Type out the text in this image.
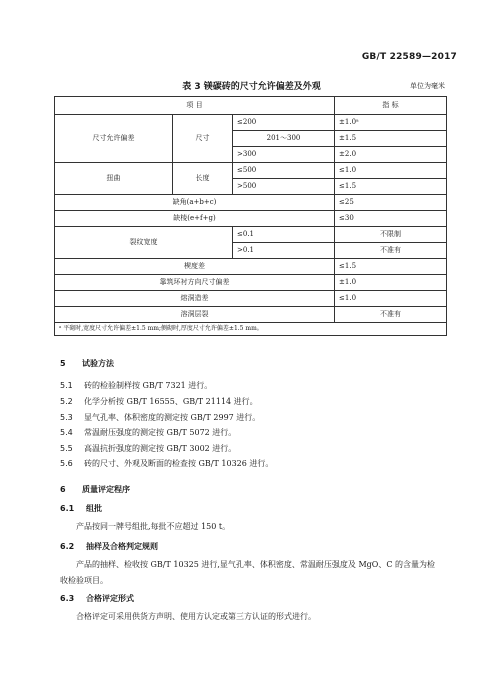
GB/T 22589—2017
表 3 镁碳砖的尺寸允许偏差及外观	单位为毫米
项 目			指 标
尺寸允许偏差	尺寸	≤200	±1.0ᵃ
		201～300	±1.5
		>300	±2.0
扭曲	长度	≤500	≤1.0
		>500	≤1.5
缺角(a+b+c)			≤25
缺棱(e+f+g)			≤30
裂纹宽度		≤0.1	不限制
		>0.1	不准有
楔度差			≤1.5
靠筑环衬方向尺寸偏差			±1.0
熔洞造差			≤1.0
溶洞层裂			不准有
ᵃ 平砌时,宽度尺寸允许偏差±1.5 mm;侧砌时,厚度尺寸允许偏差±1.5 mm。			
5 试验方法
5.1 砖的检验制样按 GB/T 7321 进行。
5.2 化学分析按 GB/T 16555、GB/T 21114 进行。
5.3 显气孔率、体积密度的测定按 GB/T 2997 进行。
5.4 常温耐压强度的测定按 GB/T 5072 进行。
5.5 高温抗折强度的测定按 GB/T 3002 进行。
5.6 砖的尺寸、外观及断面的检查按 GB/T 10326 进行。
6 质量评定程序
6.1 组批
产品按同一牌号组批,每批不应超过 150 t。
6.2 抽样及合格判定规则
产品的抽样、检收按 GB/T 10325 进行,显气孔率、体积密度、常温耐压强度及 MgO、C 的含量为检
收检验项目。
6.3 合格评定形式
合格评定可采用供货方声明、使用方认定或第三方认证的形式进行。
